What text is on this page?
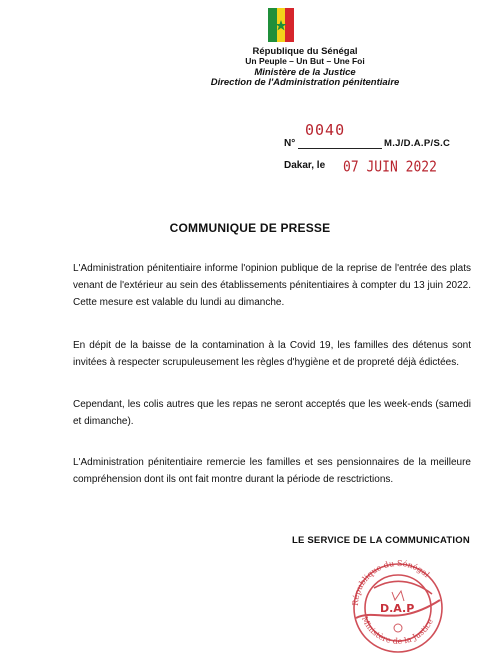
République du Sénégal
Un Peuple – Un But – Une Foi
Ministère de la Justice
Direction de l'Administration pénitentiaire
N°
0040
M.J/D.A.P/S.C
Dakar, le 07 JUIN 2022
COMMUNIQUE DE PRESSE
L'Administration pénitentiaire informe l'opinion publique de la reprise de l'entrée des plats venant de l'extérieur au sein des établissements pénitentiaires à compter du 13 juin 2022. Cette mesure est valable du lundi au dimanche.
En dépit de la baisse de la contamination à la Covid 19, les familles des détenus sont invitées à respecter scrupuleusement les règles d'hygiène et de propreté déjà édictées.
Cependant, les colis autres que les repas ne seront acceptés que les week-ends (samedi et dimanche).
L'Administration pénitentiaire remercie les familles et ses pensionnaires de la meilleure compréhension dont ils ont fait montre durant la période de resctrictions.
LE SERVICE DE LA COMMUNICATION
République du Sénégal
D.A.P
Ministère de la Justice
